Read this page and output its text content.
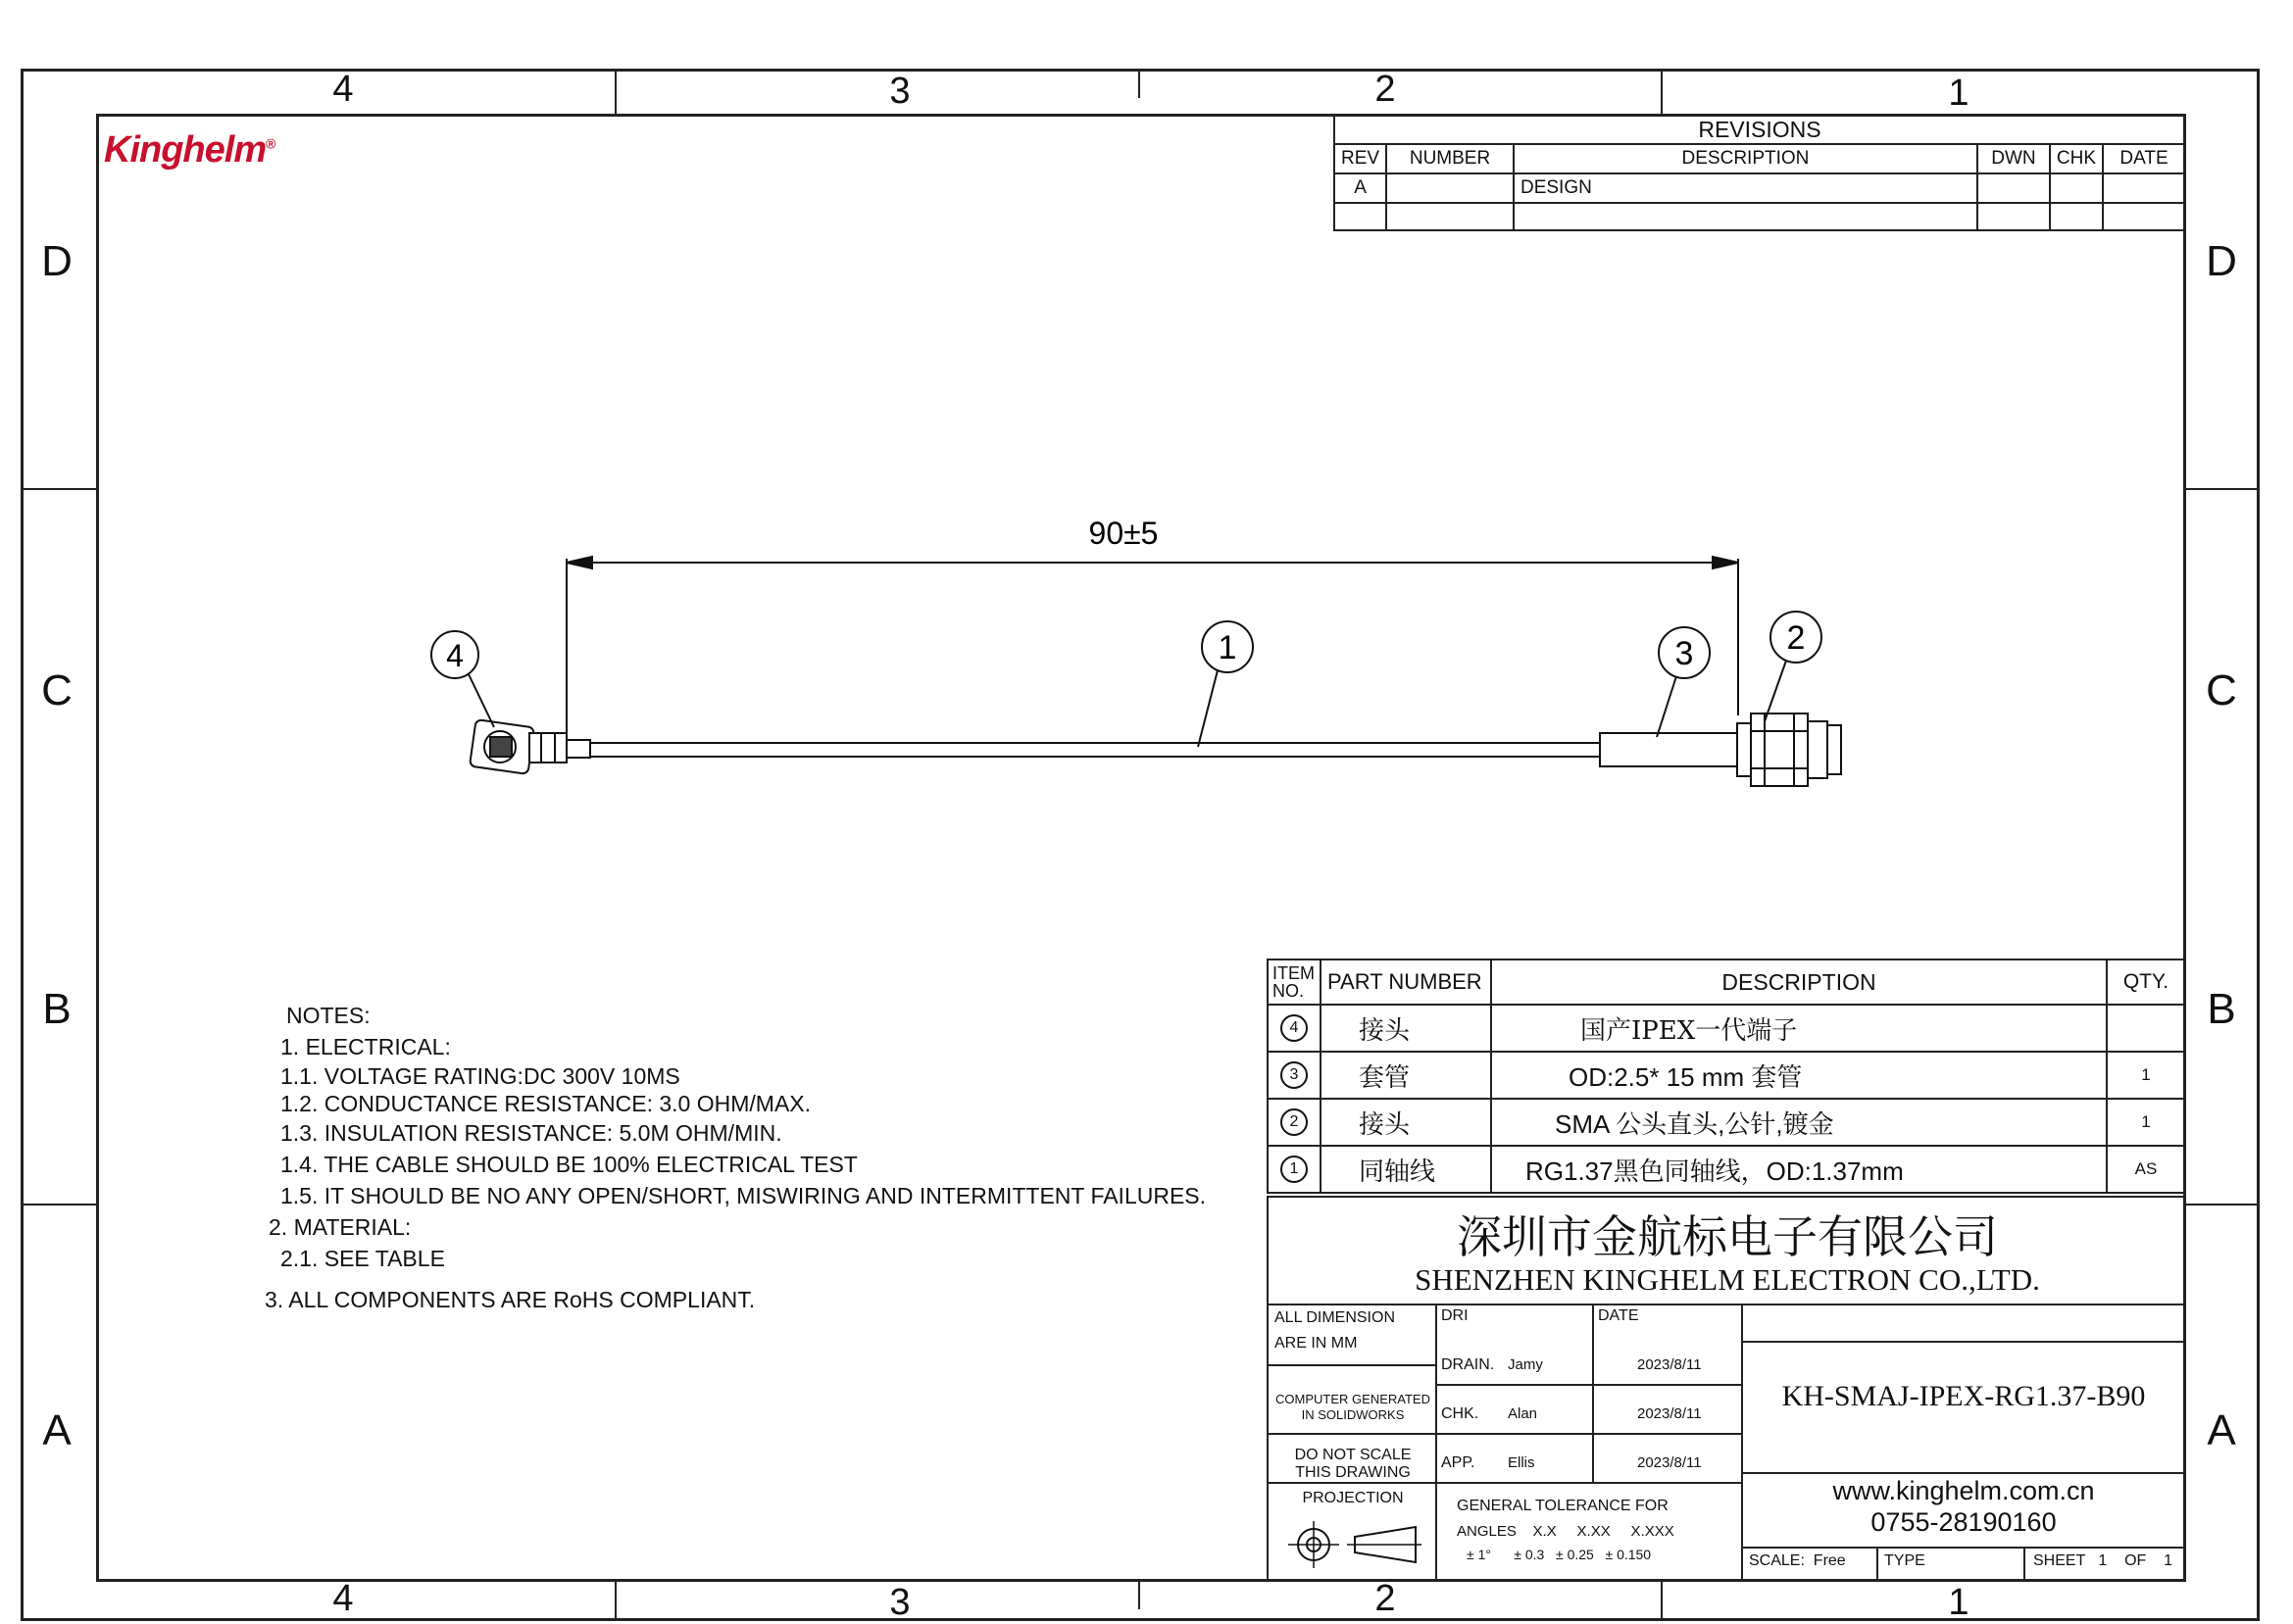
4	3	2	1
4	3	2	1
D
C
B
A
D
C
B
A
Kinghelm®
REVISIONS					
REV	NUMBER	DESCRIPTION	DWN	CHK	DATE
A		DESIGN			

90±5
4	1	3	2
NOTES:
1. ELECTRICAL:
1.1. VOLTAGE RATING:DC 300V 10MS
1.2. CONDUCTANCE RESISTANCE: 3.0 OHM/MAX.
1.3. INSULATION RESISTANCE: 5.0M OHM/MIN.
1.4. THE CABLE SHOULD BE 100% ELECTRICAL TEST
1.5. IT SHOULD BE NO ANY OPEN/SHORT, MISWIRING AND INTERMITTENT FAILURES.
2. MATERIAL:
2.1. SEE TABLE
3. ALL COMPONENTS ARE RoHS COMPLIANT.
ITEM NO.	PART NUMBER	DESCRIPTION	QTY.
4	接头	国产IPEX一代端子	
3	套管	OD:2.5* 15 mm 套管	1
2	接头	SMA 公头直头,公针,镀金	1
1	同轴线	RG1.37黑色同轴线，OD:1.37mm	AS
深圳市金航标电子有限公司
SHENZHEN KINGHELM ELECTRON CO.,LTD.
ALL DIMENSION
ARE IN MM
COMPUTER GENERATED
IN SOLIDWORKS
DO NOT SCALE
THIS DRAWING
PROJECTION
DRI	DATE
DRAIN. Jamy	2023/8/11
CHK. Alan	2023/8/11
APP. Ellis	2023/8/11
GENERAL TOLERANCE FOR
ANGLES    X.X     X.XX     X.XXX
± 1°      ± 0.3   ± 0.25   ± 0.150
KH-SMAJ-IPEX-RG1.37-B90
www.kinghelm.com.cn
0755-28190160
SCALE:  Free TYPE	SHEET   1    OF    1
